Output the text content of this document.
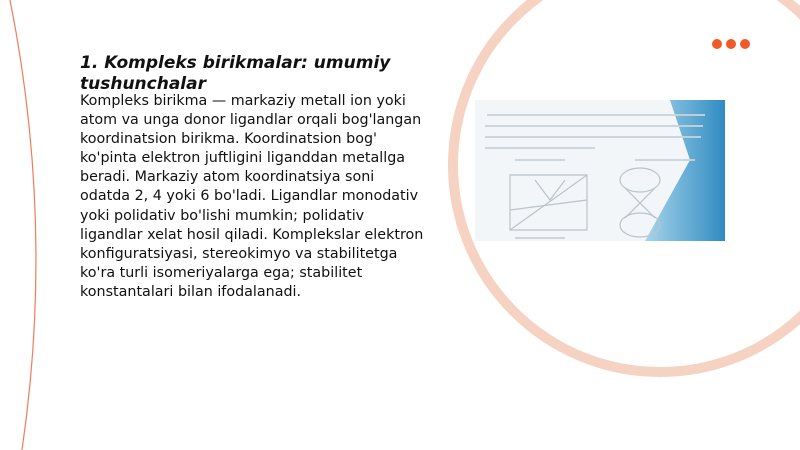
1. Kompleks birikmalar: umumiy tushunchalar

Kompleks birikma — markaziy metall ion yoki atom va unga donor ligandlar orqali bog'langan koordinatsion birikma. Koordinatsion bog' ko'pinta elektron juftligini liganddan metallga beradi. Markaziy atom koordinatsiya soni odatda 2, 4 yoki 6 bo'ladi. Ligandlar monodativ yoki polidativ bo'lishi mumkin; polidativ ligandlar xelat hosil qiladi. Komplekslar elektron konfiguratsiyasi, stereokimyo va stabilitetga ko'ra turli isomeriyalarga ega; stabilitet konstantalari bilan ifodalanadi.
